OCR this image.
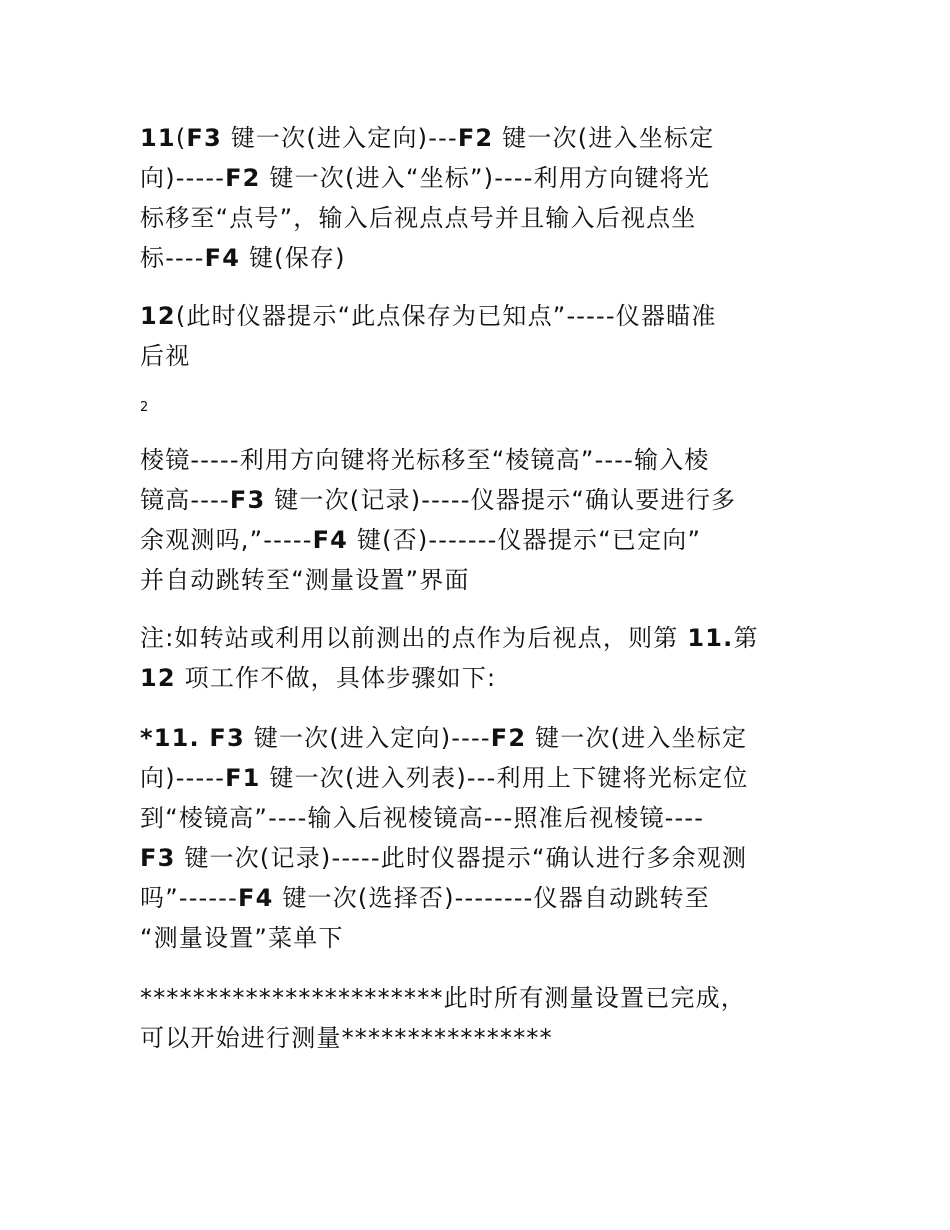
11(F3 键一次(进入定向)---F2 键一次(进入坐标定
向)-----F2 键一次(进入“坐标”)----利用方向键将光
标移至“点号”，输入后视点点号并且输入后视点坐
标----F4 键(保存)

12(此时仪器提示“此点保存为已知点”-----仪器瞄准
后视

2

棱镜-----利用方向键将光标移至“棱镜高”----输入棱
镜高----F3 键一次(记录)-----仪器提示“确认要进行多
余观测吗,”-----F4 键(否)-------仪器提示“已定向”
并自动跳转至“测量设置”界面

注:如转站或利用以前测出的点作为后视点，则第 11.第
12 项工作不做，具体步骤如下:

*11. F3 键一次(进入定向)----F2 键一次(进入坐标定
向)-----F1 键一次(进入列表)---利用上下键将光标定位
到“棱镜高”----输入后视棱镜高---照准后视棱镜----
F3 键一次(记录)-----此时仪器提示“确认进行多余观测
吗”------F4 键一次(选择否)--------仪器自动跳转至
“测量设置”菜单下

***********************此时所有测量设置已完成，
可以开始进行测量****************
